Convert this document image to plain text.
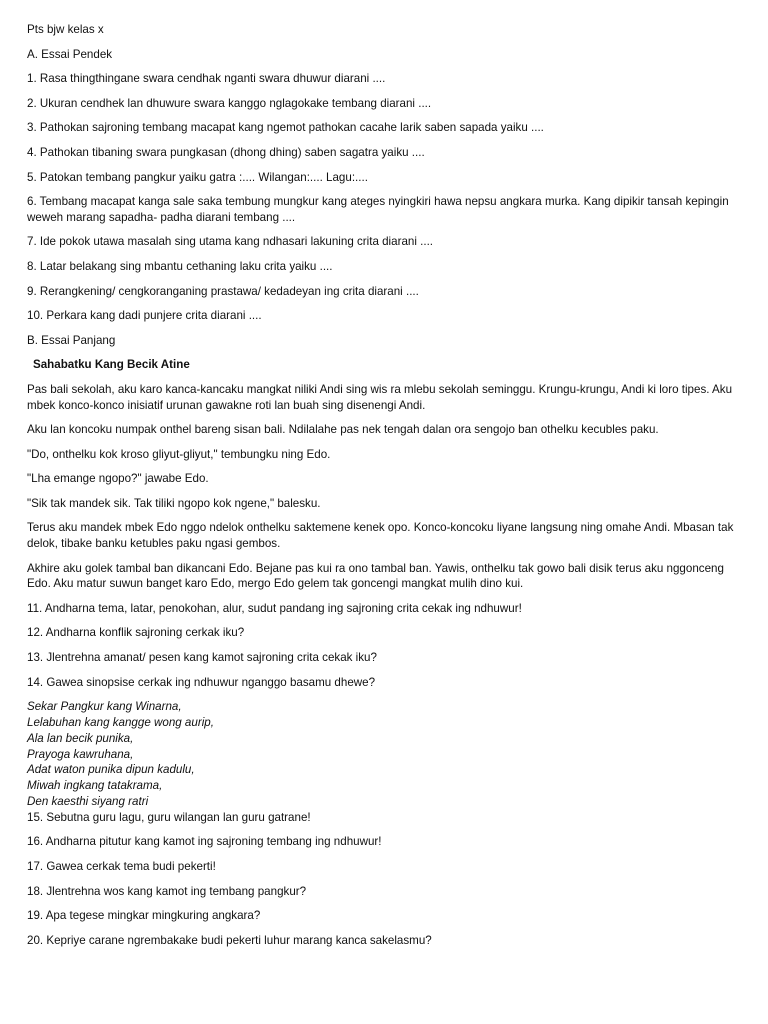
Pts bjw kelas x

A. Essai Pendek

1. Rasa thingthingane swara cendhak nganti swara dhuwur diarani ....

2. Ukuran cendhek lan dhuwure swara kanggo nglagokake tembang diarani ....

3. Pathokan sajroning tembang macapat kang ngemot pathokan cacahe larik saben sapada yaiku ....

4. Pathokan tibaning swara pungkasan (dhong dhing) saben sagatra yaiku ....

5. Patokan tembang pangkur yaiku gatra :.... Wilangan:.... Lagu:....

6. Tembang macapat kanga sale saka tembung mungkur kang ateges nyingkiri hawa nepsu angkara murka. Kang dipikir tansah kepingin weweh marang sapadha- padha diarani tembang ....

7. Ide pokok utawa masalah sing utama kang ndhasari lakuning crita diarani ....

8. Latar belakang sing mbantu cethaning laku crita yaiku ....

9. Rerangkening/ cengkoranganing prastawa/ kedadeyan ing crita diarani ....

10. Perkara kang dadi punjere crita diarani ....

B. Essai Panjang

Sahabatku Kang Becik Atine

Pas bali sekolah, aku karo kanca-kancaku mangkat niliki Andi sing wis ra mlebu sekolah seminggu. Krungu-krungu, Andi ki loro tipes. Aku mbek konco-konco inisiatif urunan gawakne roti lan buah sing disenengi Andi.

Aku lan koncoku numpak onthel bareng sisan bali. Ndilalahe pas nek tengah dalan ora sengojo ban othelku kecubles paku.

"Do, onthelku kok kroso gliyut-gliyut," tembungku ning Edo.

"Lha emange ngopo?" jawabe Edo.

"Sik tak mandek sik. Tak tiliki ngopo kok ngene," balesku.

Terus aku mandek mbek Edo nggo ndelok onthelku saktemene kenek opo. Konco-koncoku liyane langsung ning omahe Andi. Mbasan tak delok, tibake banku ketubles paku ngasi gembos.

Akhire aku golek tambal ban dikancani Edo. Bejane pas kui ra ono tambal ban. Yawis, onthelku tak gowo bali disik terus aku nggonceng Edo. Aku matur suwun banget karo Edo, mergo Edo gelem tak goncengi mangkat mulih dino kui.

11. Andharna tema, latar, penokohan, alur, sudut pandang ing sajroning crita cekak ing ndhuwur!

12. Andharna konflik sajroning cerkak iku?

13. Jlentrehna amanat/ pesen kang kamot sajroning crita cekak iku?

14. Gawea sinopsise cerkak ing ndhuwur nganggo basamu dhewe?

Sekar Pangkur kang Winarna,

Lelabuhan kang kangge wong aurip,

Ala lan becik punika,

Prayoga kawruhana,

Adat waton punika dipun kadulu,

Miwah ingkang tatakrama,

Den kaesthi siyang ratri

15. Sebutna guru lagu, guru wilangan lan guru gatrane!

16. Andharna pitutur kang kamot ing sajroning tembang ing ndhuwur!

17. Gawea cerkak tema budi pekerti!

18. Jlentrehna wos kang kamot ing tembang pangkur?

19. Apa tegese mingkar mingkuring angkara?

20. Kepriye carane ngrembakake budi pekerti luhur marang kanca sakelasmu?
